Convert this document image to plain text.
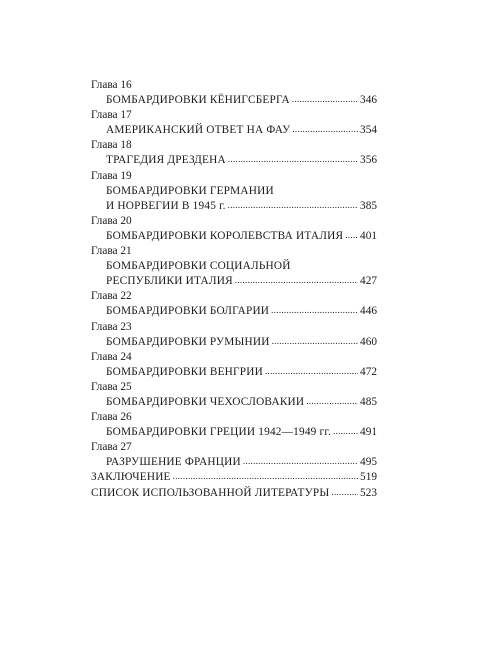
Глава 16
БОМБАРДИРОВКИ КЁНИГСБЕРГА .....	346
Глава 17
АМЕРИКАНСКИЙ ОТВЕТ НА ФАУ .....	354
Глава 18
ТРАГЕДИЯ ДРЕЗДЕНА .....	356
Глава 19
БОМБАРДИРОВКИ ГЕРМАНИИ
И НОРВЕГИИ В 1945 г. .....	385
Глава 20
БОМБАРДИРОВКИ КОРОЛЕВСТВА ИТАЛИЯ ..... 401
Глава 21
БОМБАРДИРОВКИ СОЦИАЛЬНОЙ
РЕСПУБЛИКИ ИТАЛИЯ .....	427
Глава 22
БОМБАРДИРОВКИ БОЛГАРИИ .....	446
Глава 23
БОМБАРДИРОВКИ РУМЫНИИ .....	460
Глава 24
БОМБАРДИРОВКИ ВЕНГРИИ .....	472
Глава 25
БОМБАРДИРОВКИ ЧЕХОСЛОВАКИИ .....	485
Глава 26
БОМБАРДИРОВКИ ГРЕЦИИ 1942—1949 гг. .....	491
Глава 27
РАЗРУШЕНИЕ ФРАНЦИИ .....	495
ЗАКЛЮЧЕНИЕ .....	519
СПИСОК ИСПОЛЬЗОВАННОЙ ЛИТЕРАТУРЫ .....	523
